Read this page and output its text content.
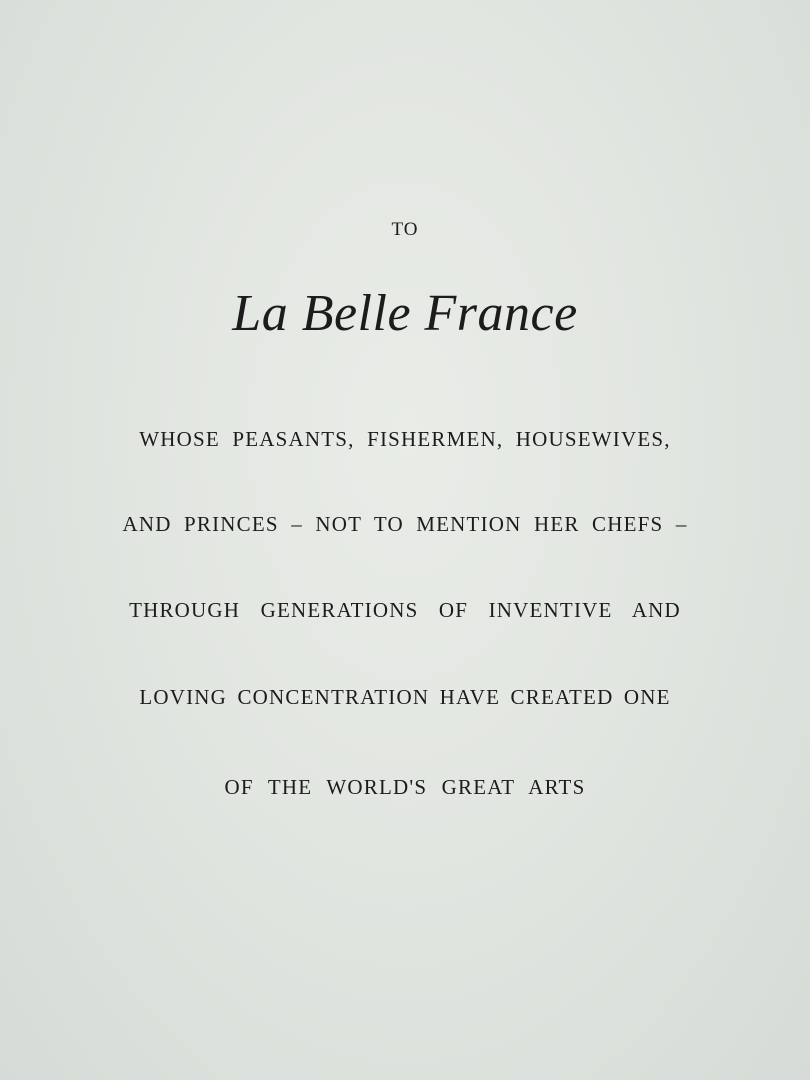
TO
La Belle France
WHOSE PEASANTS, FISHERMEN, HOUSEWIVES,
AND PRINCES – NOT TO MENTION HER CHEFS –
THROUGH GENERATIONS OF INVENTIVE AND
LOVING CONCENTRATION HAVE CREATED ONE
OF THE WORLD'S GREAT ARTS
